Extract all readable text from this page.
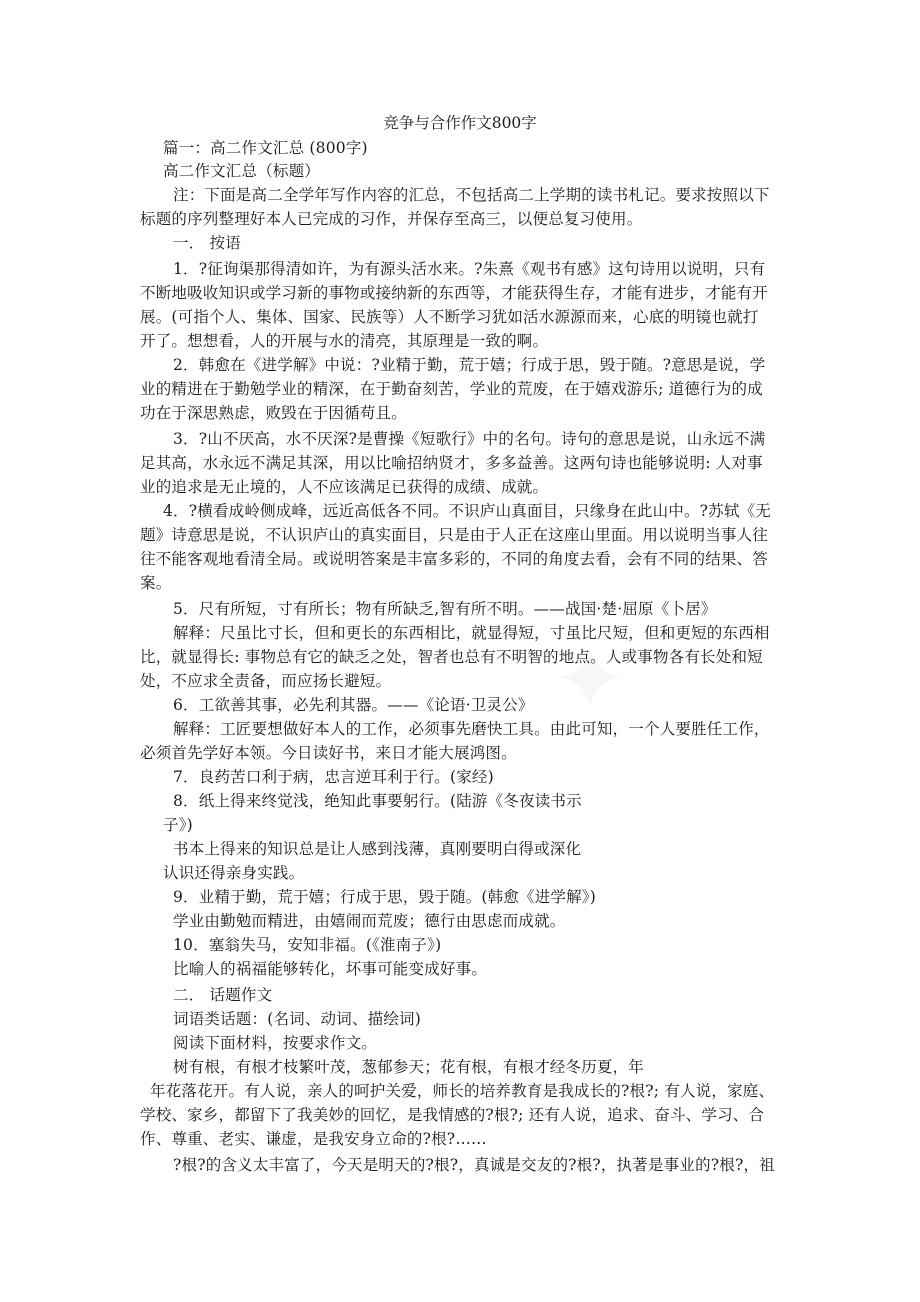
✦
竞争与合作作文800字
篇一：高二作文汇总 (800字)
高二作文汇总（标题）
注：下面是高二全学年写作内容的汇总，不包括高二上学期的读书札记。要求按照以下
标题的序列整理好本人已完成的习作，并保存至高三，以便总复习使用。
一． 按语
1．?征询渠那得清如许，为有源头活水来。?朱熹《观书有感》这句诗用以说明，只有
不断地吸收知识或学习新的事物或接纳新的东西等，才能获得生存，才能有进步，才能有开
展。(可指个人、集体、国家、民族等）人不断学习犹如活水源源而来，心底的明镜也就打
开了。想想看，人的开展与水的清亮，其原理是一致的啊。
2．韩愈在《进学解》中说：?业精于勤，荒于嬉；行成于思，毁于随。?意思是说，学
业的精进在于勤勉学业的精深，在于勤奋刻苦，学业的荒废，在于嬉戏游乐; 道德行为的成
功在于深思熟虑，败毁在于因循苟且。
3．?山不厌高，水不厌深?是曹操《短歌行》中的名句。诗句的意思是说，山永远不满
足其高，水永远不满足其深，用以比喻招纳贤才，多多益善。这两句诗也能够说明: 人对事
业的追求是无止境的，人不应该满足已获得的成绩、成就。
4．?横看成岭侧成峰，远近高低各不同。不识庐山真面目，只缘身在此山中。?苏轼《无
题》诗意思是说，不认识庐山的真实面目，只是由于人正在这座山里面。用以说明当事人往
往不能客观地看清全局。或说明答案是丰富多彩的，不同的角度去看，会有不同的结果、答
案。
5．尺有所短，寸有所长；物有所缺乏,智有所不明。——战国·楚·屈原《卜居》
解释：尺虽比寸长，但和更长的东西相比，就显得短，寸虽比尺短，但和更短的东西相
比，就显得长: 事物总有它的缺乏之处，智者也总有不明智的地点。人或事物各有长处和短
处，不应求全责备，而应扬长避短。
6．工欲善其事，必先利其器。——《论语·卫灵公》
解释：工匠要想做好本人的工作，必须事先磨快工具。由此可知，一个人要胜任工作，
必须首先学好本领。今日读好书，来日才能大展鸿图。
7．良药苦口利于病，忠言逆耳利于行。(家经)
8．纸上得来终觉浅，绝知此事要躬行。(陆游《冬夜读书示
子》)
书本上得来的知识总是让人感到浅薄，真刚要明白得或深化
认识还得亲身实践。
9．业精于勤，荒于嬉；行成于思，毁于随。(韩愈《进学解》)
学业由勤勉而精进，由嬉闹而荒废；德行由思虑而成就。
10．塞翁失马，安知非福。(《淮南子》)
比喻人的祸福能够转化，坏事可能变成好事。
二． 话题作文
词语类话题：(名词、动词、描绘词)
阅读下面材料，按要求作文。
树有根，有根才枝繁叶茂，葱郁参天；花有根，有根才经冬历夏，年
年花落花开。有人说，亲人的呵护关爱，师长的培养教育是我成长的?根?; 有人说，家庭、
学校、家乡，都留下了我美妙的回忆，是我情感的?根?; 还有人说，追求、奋斗、学习、合
作、尊重、老实、谦虚，是我安身立命的?根?……
?根?的含义太丰富了，今天是明天的?根?，真诚是交友的?根?，执著是事业的?根?，祖
